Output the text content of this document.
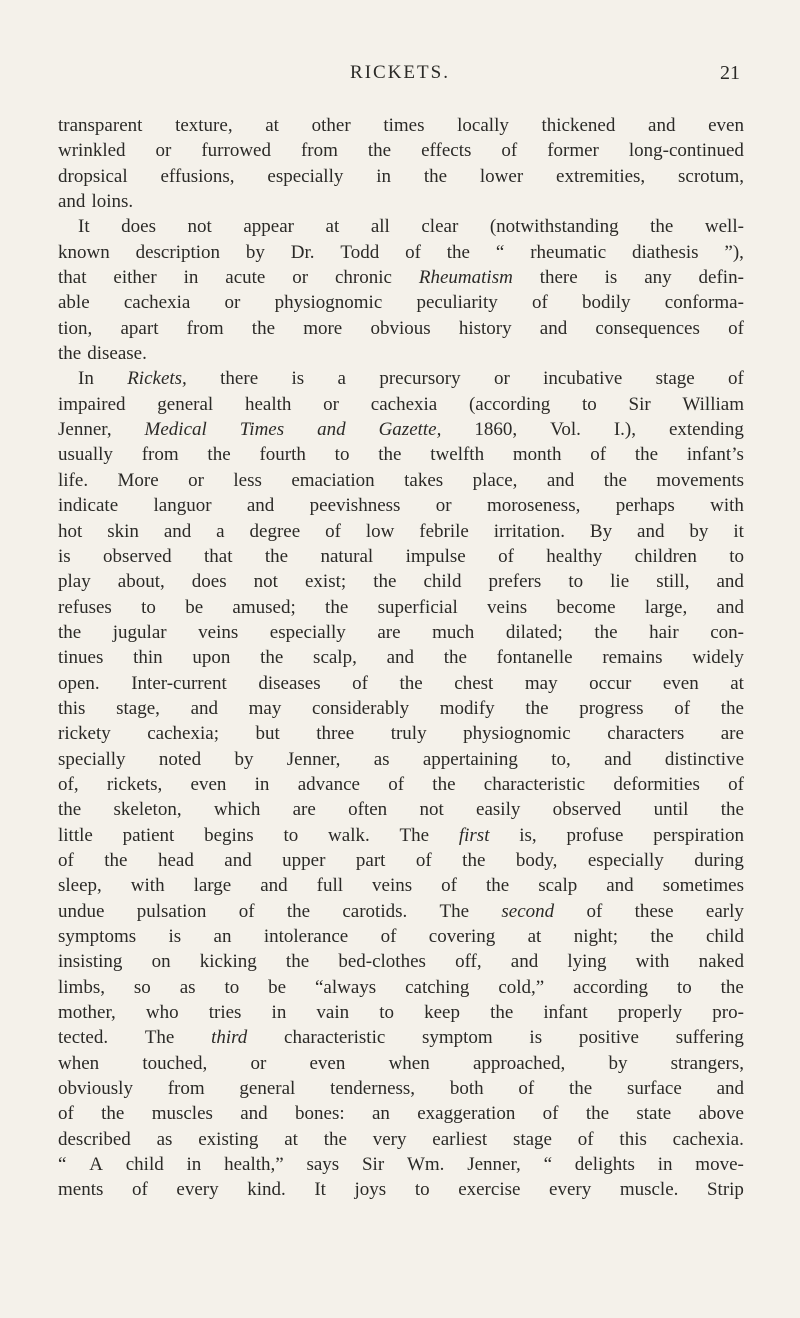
RICKETS.	21
transparent texture, at other times locally thickened and even
wrinkled or furrowed from the effects of former long-continued
dropsical effusions, especially in the lower extremities, scrotum,
and loins.
It does not appear at all clear (notwithstanding the well-
known description by Dr. Todd of the “ rheumatic diathesis ”),
that either in acute or chronic Rheumatism there is any defin-
able cachexia or physiognomic peculiarity of bodily conforma-
tion, apart from the more obvious history and consequences of
the disease.
In Rickets, there is a precursory or incubative stage of
impaired general health or cachexia (according to Sir William
Jenner, Medical Times and Gazette, 1860, Vol. I.), extending
usually from the fourth to the twelfth month of the infant’s
life. More or less emaciation takes place, and the movements
indicate languor and peevishness or moroseness, perhaps with
hot skin and a degree of low febrile irritation. By and by it
is observed that the natural impulse of healthy children to
play about, does not exist; the child prefers to lie still, and
refuses to be amused; the superficial veins become large, and
the jugular veins especially are much dilated; the hair con-
tinues thin upon the scalp, and the fontanelle remains widely
open. Inter-current diseases of the chest may occur even at
this stage, and may considerably modify the progress of the
rickety cachexia; but three truly physiognomic characters are
specially noted by Jenner, as appertaining to, and distinctive
of, rickets, even in advance of the characteristic deformities of
the skeleton, which are often not easily observed until the
little patient begins to walk. The first is, profuse perspiration
of the head and upper part of the body, especially during
sleep, with large and full veins of the scalp and sometimes
undue pulsation of the carotids. The second of these early
symptoms is an intolerance of covering at night; the child
insisting on kicking the bed-clothes off, and lying with naked
limbs, so as to be “always catching cold,” according to the
mother, who tries in vain to keep the infant properly pro-
tected. The third characteristic symptom is positive suffering
when touched, or even when approached, by strangers,
obviously from general tenderness, both of the surface and
of the muscles and bones: an exaggeration of the state above
described as existing at the very earliest stage of this cachexia.
“ A child in health,” says Sir Wm. Jenner, “ delights in move-
ments of every kind. It joys to exercise every muscle. Strip
